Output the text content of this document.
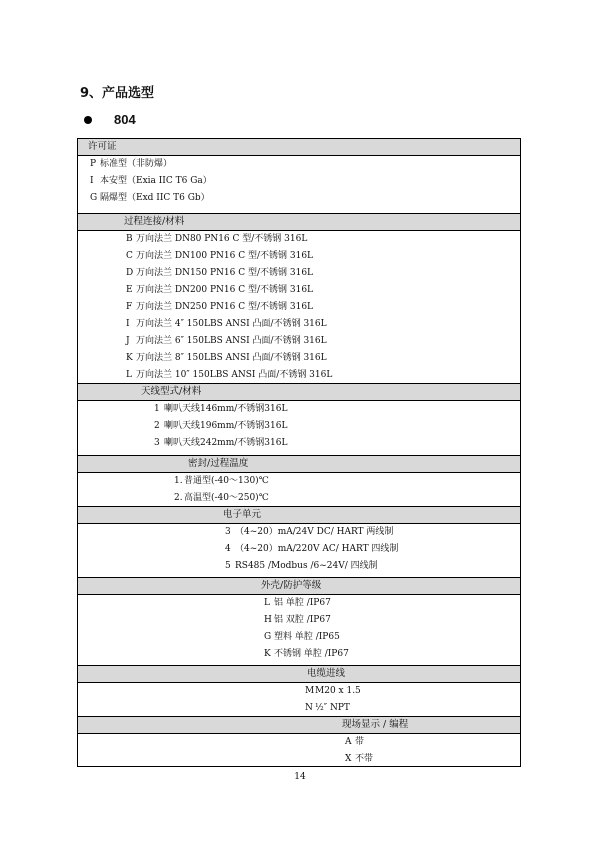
9、产品选型
804
许可证
P 标准型（非防爆）
I 本安型（Exia IIC T6 Ga）
G 隔爆型（Exd IIC T6 Gb）
过程连接/材料
B 万向法兰 DN80 PN16 C 型/不锈钢 316L
C 万向法兰 DN100 PN16 C 型/不锈钢 316L
D 万向法兰 DN150 PN16 C 型/不锈钢 316L
E 万向法兰 DN200 PN16 C 型/不锈钢 316L
F 万向法兰 DN250 PN16 C 型/不锈钢 316L
I 万向法兰 4″ 150LBS ANSI 凸面/不锈钢 316L
J 万向法兰 6″ 150LBS ANSI 凸面/不锈钢 316L
K 万向法兰 8″ 150LBS ANSI 凸面/不锈钢 316L
L 万向法兰 10″ 150LBS ANSI 凸面/不锈钢 316L
天线型式/材料
1 喇叭天线146mm/不锈钢316L
2 喇叭天线196mm/不锈钢316L
3 喇叭天线242mm/不锈钢316L
密封/过程温度
1. 普通型(-40～130)℃
2. 高温型(-40～250)℃
电子单元
3 （4~20）mA/24V DC/ HART 两线制
4 （4~20）mA/220V AC/ HART 四线制
5 RS485 /Modbus /6~24V/ 四线制
外壳/防护等级
L 铝 单腔 /IP67
H 铝 双腔 /IP67
G 塑料 单腔 /IP65
K 不锈钢 单腔 /IP67
电缆进线
M M20 x 1.5
N ½″ NPT
现场显示 / 编程
A 带
X 不带
14
